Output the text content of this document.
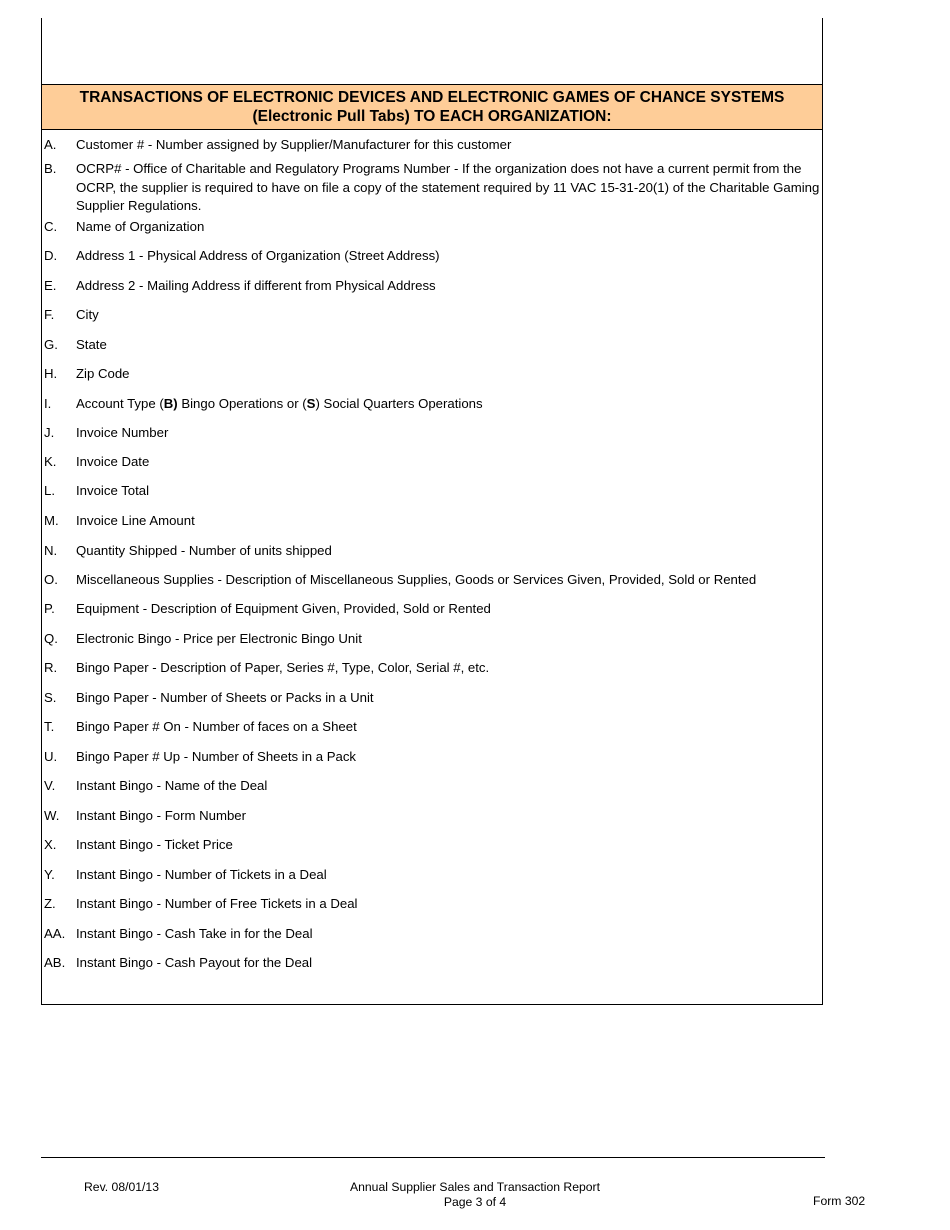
TRANSACTIONS OF ELECTRONIC DEVICES AND ELECTRONIC GAMES OF CHANCE SYSTEMS
(Electronic Pull Tabs) TO EACH ORGANIZATION:
A.	Customer # - Number assigned by Supplier/Manufacturer for this customer
B.	OCRP# - Office of Charitable and Regulatory Programs Number - If the organization does not have a current permit from the OCRP, the supplier is required to have on file a copy of the statement required by 11 VAC 15-31-20(1) of the Charitable Gaming Supplier Regulations.
C.	Name of Organization
D.	Address 1 - Physical Address of Organization (Street Address)
E.	Address 2 - Mailing Address if different from Physical Address
F.	City
G.	State
H.	Zip Code
I.	Account Type (B) Bingo Operations or (S) Social Quarters Operations
J.	Invoice Number
K.	Invoice Date
L.	Invoice Total
M.	Invoice Line Amount
N.	Quantity Shipped - Number of units shipped
O.	Miscellaneous Supplies - Description of Miscellaneous Supplies, Goods or Services Given, Provided, Sold or Rented
P.	Equipment - Description of Equipment Given, Provided, Sold or Rented
Q.	Electronic Bingo - Price per Electronic Bingo Unit
R.	Bingo Paper - Description of Paper, Series #, Type, Color, Serial #, etc.
S.	Bingo Paper - Number of Sheets or Packs in a Unit
T.	Bingo Paper # On - Number of faces on a Sheet
U.	Bingo Paper # Up - Number of Sheets in a Pack
V.	Instant Bingo - Name of the Deal
W.	Instant Bingo - Form Number
X.	Instant Bingo - Ticket Price
Y.	Instant Bingo - Number of Tickets in a Deal
Z.	Instant Bingo - Number of Free Tickets in a Deal
AA. Instant Bingo - Cash Take in for the Deal
AB. Instant Bingo - Cash Payout for the Deal
Rev. 08/01/13	Annual Supplier Sales and Transaction Report
Page 3 of 4	Form 302
